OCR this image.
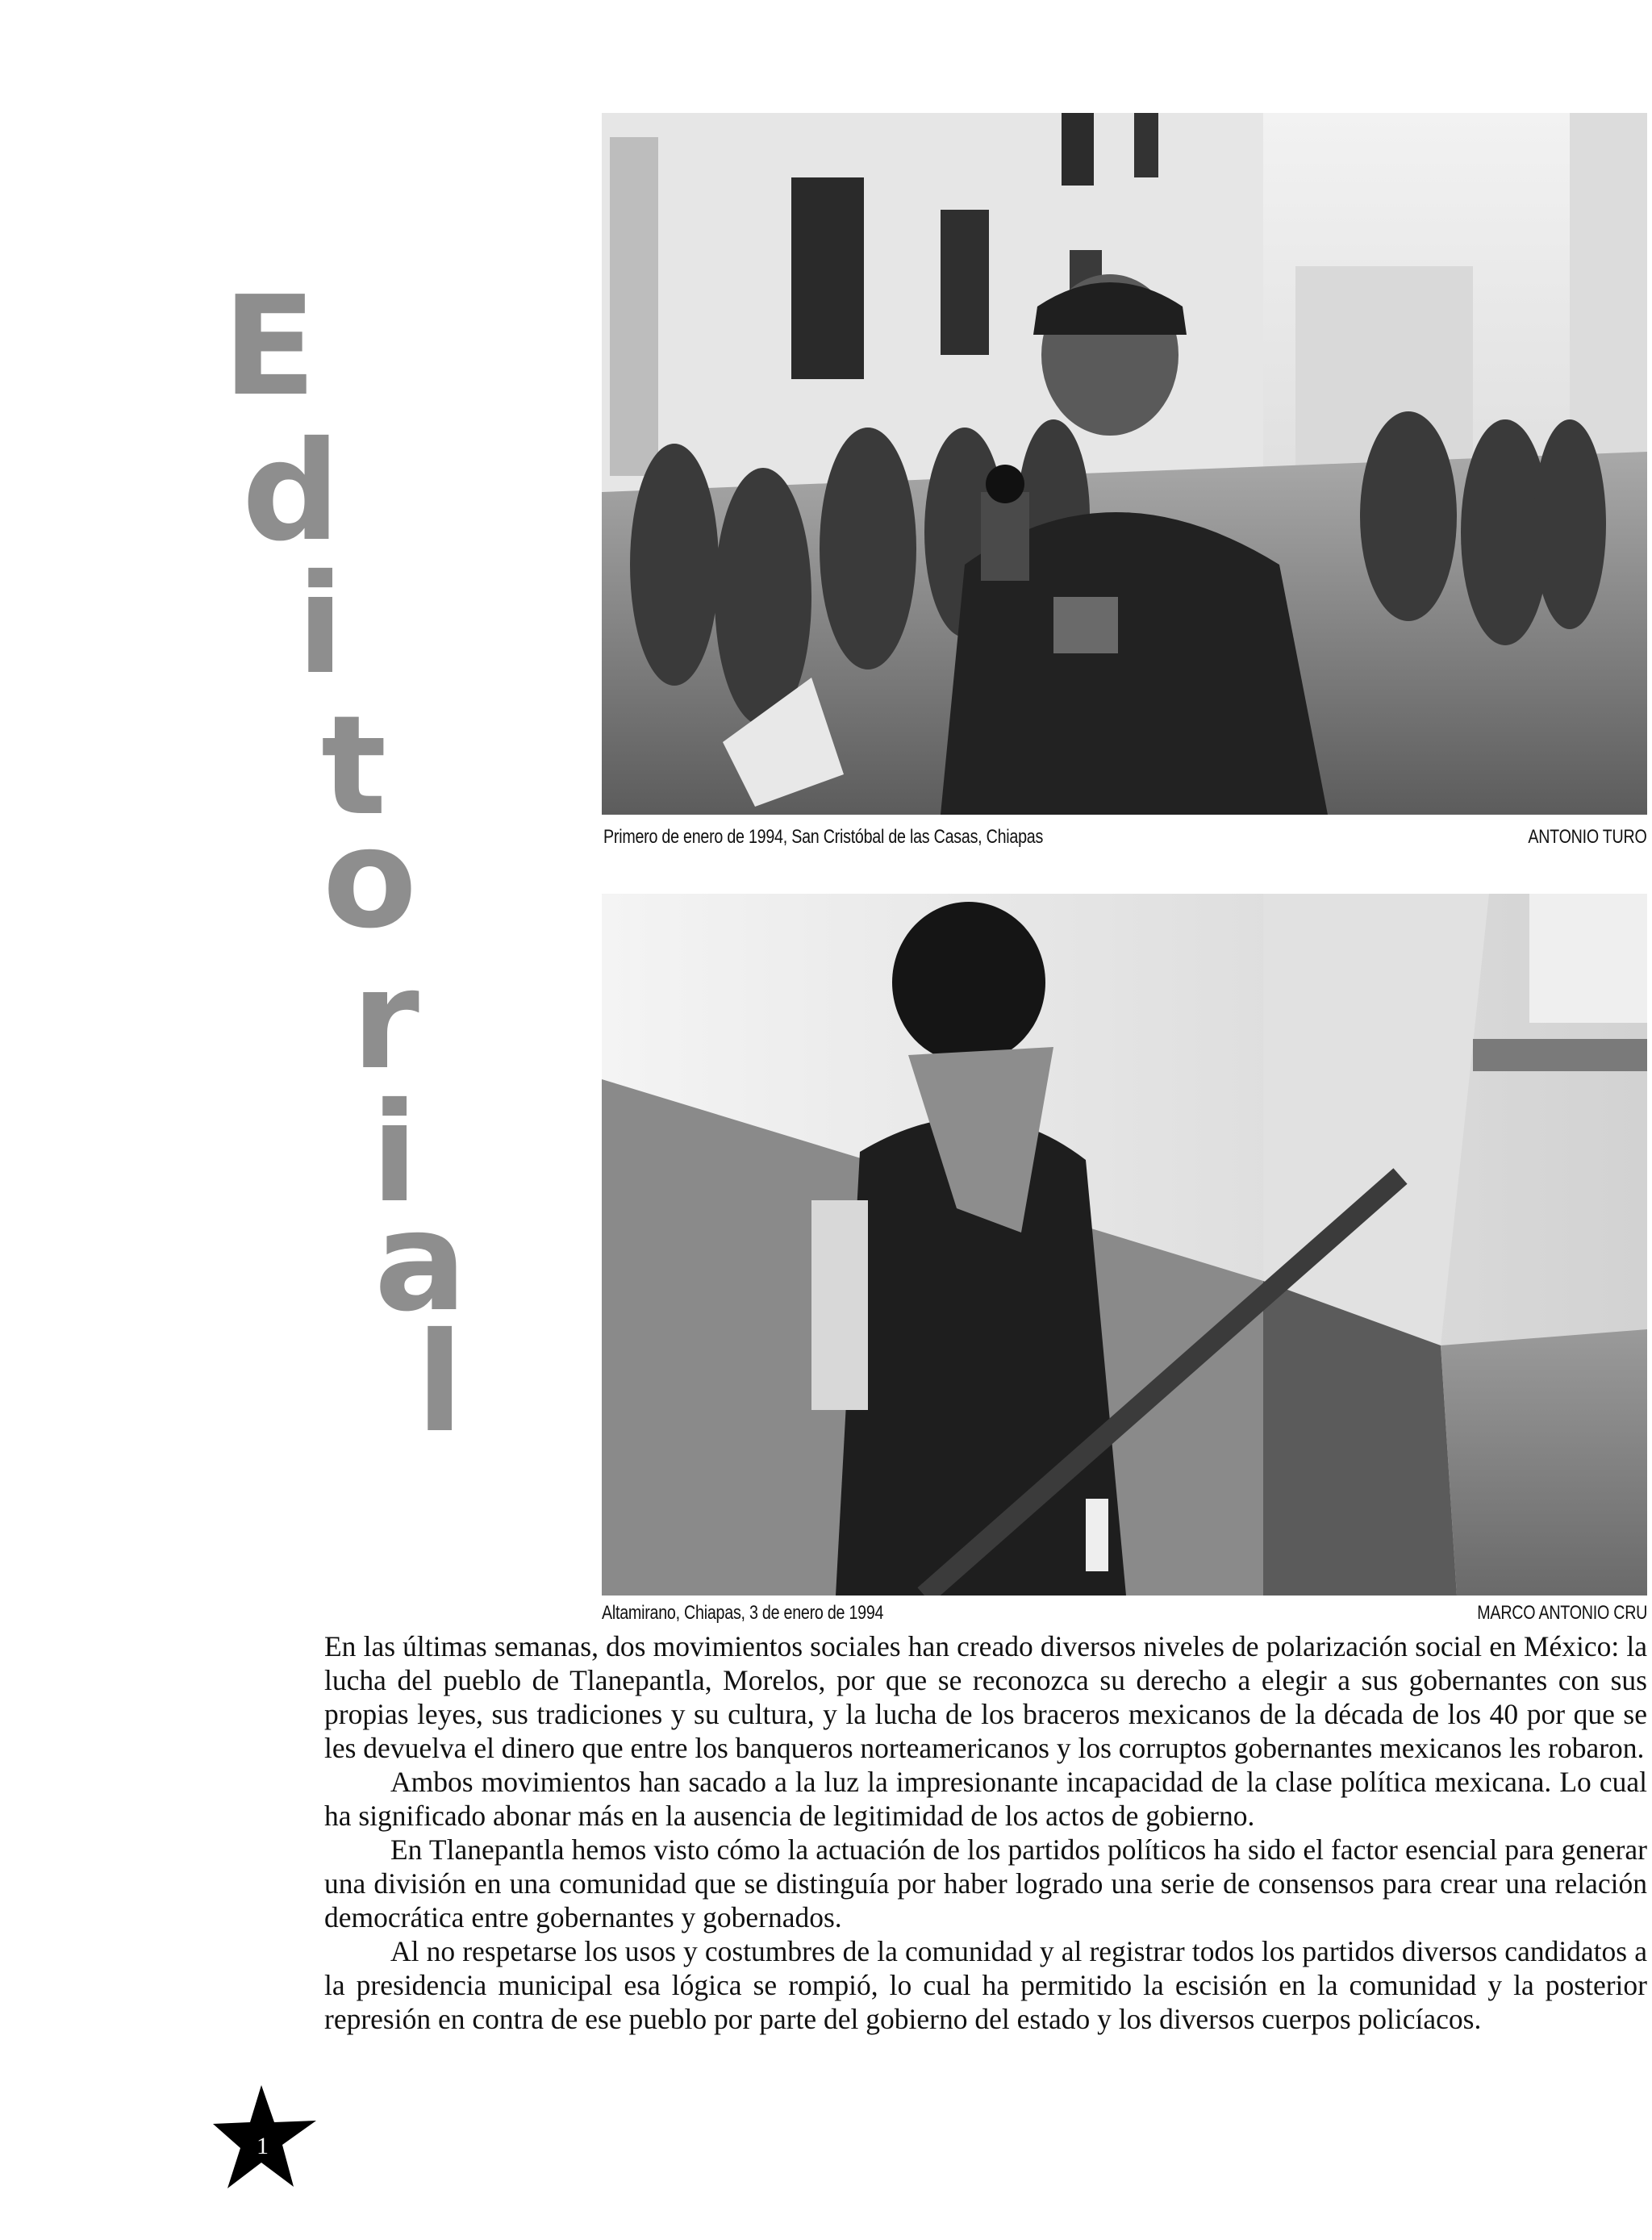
E

d

i

t

o

r

i

a

l

Primero de enero de 1994, San Cristóbal de las Casas, Chiapas	ANTONIO TURO

Altamirano, Chiapas, 3 de enero de 1994	MARCO ANTONIO CRU

En las últimas semanas, dos movimientos sociales han creado diversos niveles de polarización social en México: la lucha del pueblo de Tlanepantla, Morelos, por que se reconozca su derecho a elegir a sus gobernantes con sus propias leyes, sus tradiciones y su cultura, y la lucha de los braceros mexicanos de la década de los 40 por que se les devuelva el dinero que entre los banqueros norteamericanos y los corruptos gobernantes mexicanos les robaron.

Ambos movimientos han sacado a la luz la impresionante incapacidad de la clase política mexicana. Lo cual ha significado abonar más en la ausencia de legitimidad de los actos de gobierno.

En Tlanepantla hemos visto cómo la actuación de los partidos políticos ha sido el factor esencial para generar una división en una comunidad que se distinguía por haber logrado una serie de consensos para crear una relación democrática entre gobernantes y gobernados.

Al no respetarse los usos y costumbres de la comunidad y al registrar todos los partidos diversos candidatos a la presidencia municipal esa lógica se rompió, lo cual ha permitido la escisión en la comunidad y la posterior represión en contra de ese pueblo por parte del gobierno del estado y los diversos cuerpos policíacos.

1
